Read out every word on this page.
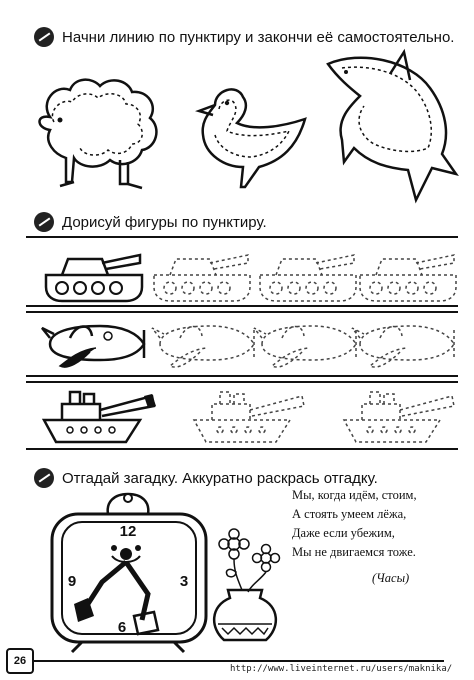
Начни линию по пунктиру и закончи её самостоятельно.
Дорисуй фигуры по пунктиру.
Отгадай загадку. Аккуратно раскрась отгадку.
12
3
6
9
Мы, когда идём, стоим,
А стоять умеем лёжа,
Даже если убежим,
Мы не двигаемся тоже.
(Часы)
26
http://www.liveinternet.ru/users/maknika/
